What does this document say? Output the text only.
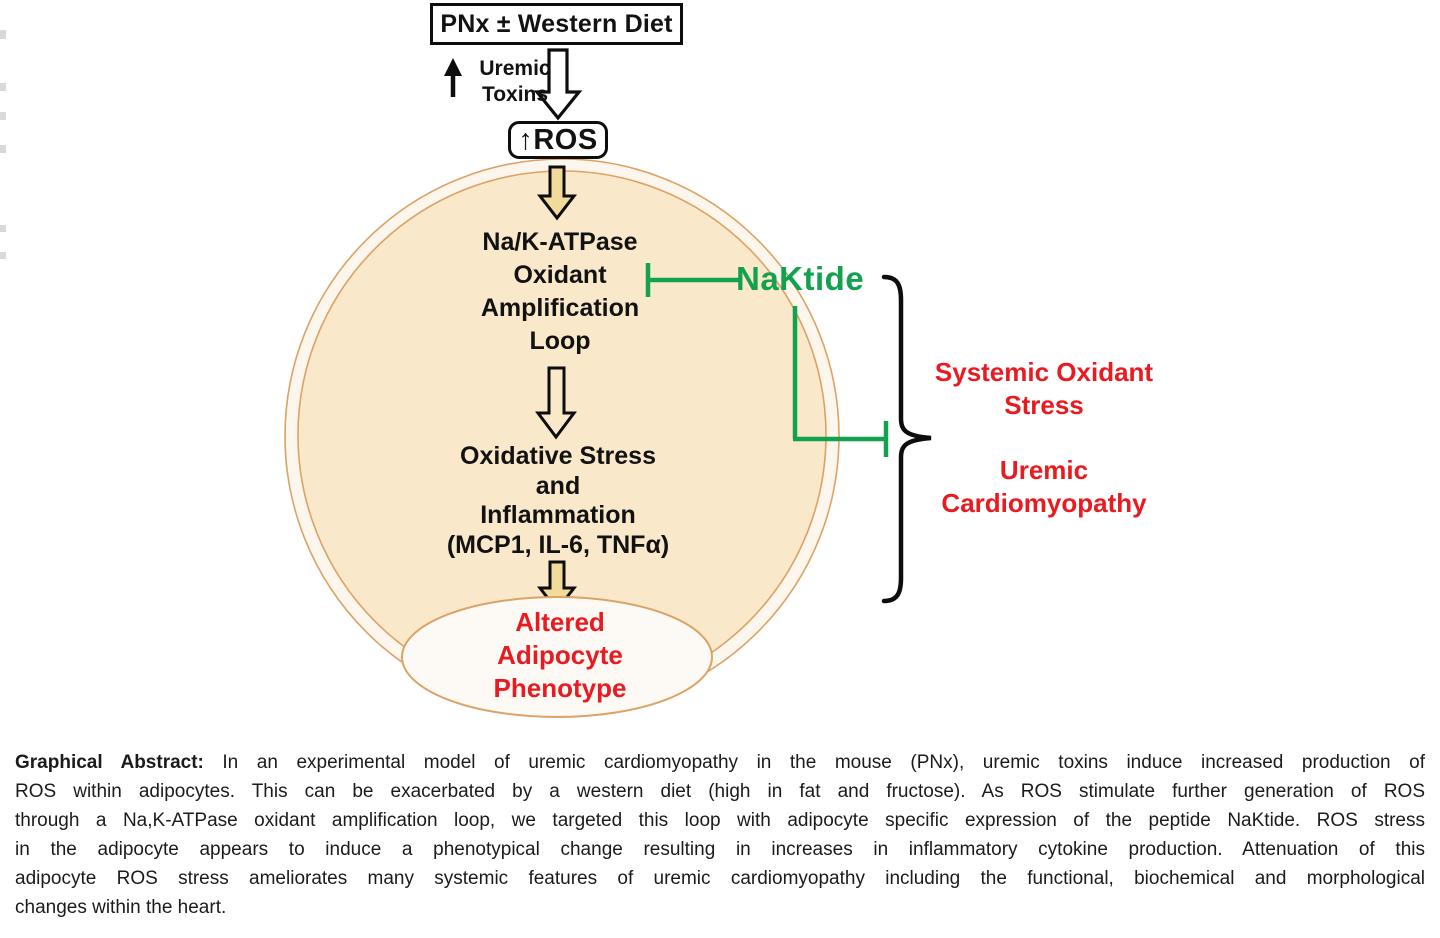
PNx ± Western Diet
Uremic
Toxins
↑ROS
Na/K-ATPase
Oxidant
Amplification
Loop
NaKtide
Oxidative Stress
and
Inflammation
(MCP1, IL-6, TNFα)
Altered
Adipocyte
Phenotype
Systemic Oxidant
Stress
Uremic
Cardiomyopathy
Graphical Abstract: In an experimental model of uremic cardiomyopathy in the mouse (PNx), uremic toxins induce increased production of
ROS within adipocytes. This can be exacerbated by a western diet (high in fat and fructose). As ROS stimulate further generation of ROS
through a Na,K-ATPase oxidant amplification loop, we targeted this loop with adipocyte specific expression of the peptide NaKtide. ROS stress
in the adipocyte appears to induce a phenotypical change resulting in increases in inflammatory cytokine production. Attenuation of this
adipocyte ROS stress ameliorates many systemic features of uremic cardiomyopathy including the functional, biochemical and morphological
changes within the heart.
